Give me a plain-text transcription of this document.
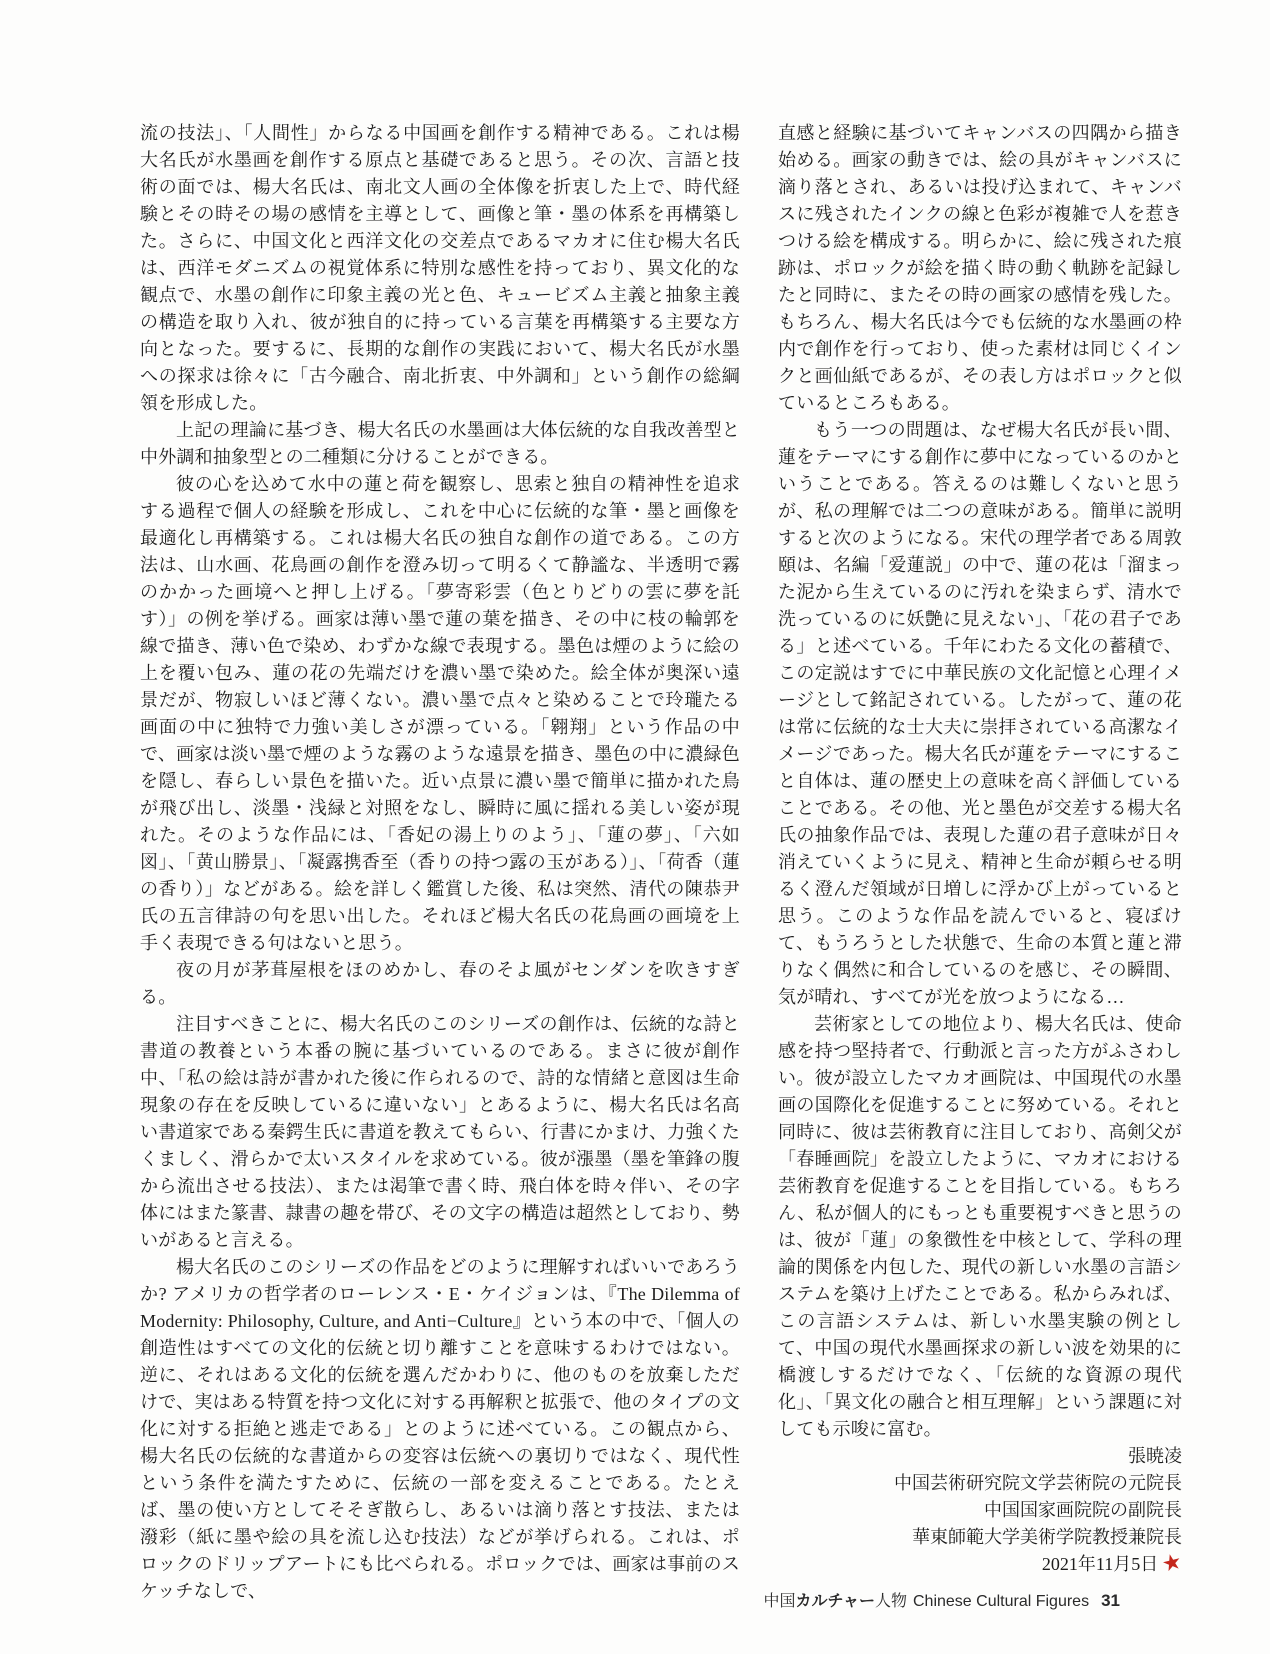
流の技法」、「人間性」からなる中国画を創作する精神である。これは楊大名氏が水墨画を創作する原点と基礎であると思う。その次、言語と技術の面では、楊大名氏は、南北文人画の全体像を折衷した上で、時代経験とその時その場の感情を主導として、画像と筆・墨の体系を再構築した。さらに、中国文化と西洋文化の交差点であるマカオに住む楊大名氏は、西洋モダニズムの視覚体系に特別な感性を持っており、異文化的な観点で、水墨の創作に印象主義の光と色、キュービズム主義と抽象主義の構造を取り入れ、彼が独自的に持っている言葉を再構築する主要な方向となった。要するに、長期的な創作の実践において、楊大名氏が水墨への探求は徐々に「古今融合、南北折衷、中外調和」という創作の総綱領を形成した。

上記の理論に基づき、楊大名氏の水墨画は大体伝統的な自我改善型と中外調和抽象型との二種類に分けることができる。

彼の心を込めて水中の蓮と荷を観察し、思索と独自の精神性を追求する過程で個人の経験を形成し、これを中心に伝統的な筆・墨と画像を最適化し再構築する。これは楊大名氏の独自な創作の道である。この方法は、山水画、花鳥画の創作を澄み切って明るくて静謐な、半透明で霧のかかった画境へと押し上げる。「夢寄彩雲（色とりどりの雲に夢を託す）」の例を挙げる。画家は薄い墨で蓮の葉を描き、その中に枝の輪郭を線で描き、薄い色で染め、わずかな線で表現する。墨色は煙のように絵の上を覆い包み、蓮の花の先端だけを濃い墨で染めた。絵全体が奥深い遠景だが、物寂しいほど薄くない。濃い墨で点々と染めることで玲瓏たる画面の中に独特で力強い美しさが漂っている。「翱翔」という作品の中で、画家は淡い墨で煙のような霧のような遠景を描き、墨色の中に濃緑色を隠し、春らしい景色を描いた。近い点景に濃い墨で簡単に描かれた鳥が飛び出し、淡墨・浅緑と対照をなし、瞬時に風に揺れる美しい姿が現れた。そのような作品には、「香妃の湯上りのよう」、「蓮の夢」、「六如図」、「黄山勝景」、「凝露携香至（香りの持つ露の玉がある）」、「荷香（蓮の香り）」などがある。絵を詳しく鑑賞した後、私は突然、清代の陳恭尹氏の五言律詩の句を思い出した。それほど楊大名氏の花鳥画の画境を上手く表現できる句はないと思う。

夜の月が茅葺屋根をほのめかし、春のそよ風がセンダンを吹きすぎる。

注目すべきことに、楊大名氏のこのシリーズの創作は、伝統的な詩と書道の教養という本番の腕に基づいているのである。まさに彼が創作中、「私の絵は詩が書かれた後に作られるので、詩的な情緒と意図は生命現象の存在を反映しているに違いない」とあるように、楊大名氏は名高い書道家である秦鍔生氏に書道を教えてもらい、行書にかまけ、力強くたくましく、滑らかで太いスタイルを求めている。彼が漲墨（墨を筆鋒の腹から流出させる技法）、または渇筆で書く時、飛白体を時々伴い、その字体にはまた篆書、隷書の趣を帯び、その文字の構造は超然としており、勢いがあると言える。

楊大名氏のこのシリーズの作品をどのように理解すればいいであろうか? アメリカの哲学者のローレンス・E・ケイジョンは、『The Dilemma of Modernity: Philosophy, Culture, and Anti−Culture』という本の中で、「個人の創造性はすべての文化的伝統と切り離すことを意味するわけではない。逆に、それはある文化的伝統を選んだかわりに、他のものを放棄しただけで、実はある特質を持つ文化に対する再解釈と拡張で、他のタイプの文化に対する拒絶と逃走である」とのように述べている。この観点から、楊大名氏の伝統的な書道からの変容は伝統への裏切りではなく、現代性という条件を満たすために、伝統の一部を変えることである。たとえば、墨の使い方としてそそぎ散らし、あるいは滴り落とす技法、または潑彩（紙に墨や絵の具を流し込む技法）などが挙げられる。これは、ポロックのドリップアートにも比べられる。ポロックでは、画家は事前のスケッチなしで、

直感と経験に基づいてキャンバスの四隅から描き始める。画家の動きでは、絵の具がキャンバスに滴り落とされ、あるいは投げ込まれて、キャンバスに残されたインクの線と色彩が複雑で人を惹きつける絵を構成する。明らかに、絵に残された痕跡は、ポロックが絵を描く時の動く軌跡を記録したと同時に、またその時の画家の感情を残した。もちろん、楊大名氏は今でも伝統的な水墨画の枠内で創作を行っており、使った素材は同じくインクと画仙紙であるが、その表し方はポロックと似ているところもある。

もう一つの問題は、なぜ楊大名氏が長い間、蓮をテーマにする創作に夢中になっているのかということである。答えるのは難しくないと思うが、私の理解では二つの意味がある。簡単に説明すると次のようになる。宋代の理学者である周敦頤は、名編「爱蓮説」の中で、蓮の花は「溜まった泥から生えているのに汚れを染まらず、清水で洗っているのに妖艶に見えない」、「花の君子である」と述べている。千年にわたる文化の蓄積で、この定説はすでに中華民族の文化記憶と心理イメージとして銘記されている。したがって、蓮の花は常に伝統的な士大夫に崇拝されている高潔なイメージであった。楊大名氏が蓮をテーマにすること自体は、蓮の歴史上の意味を高く評価していることである。その他、光と墨色が交差する楊大名氏の抽象作品では、表現した蓮の君子意味が日々消えていくように見え、精神と生命が頼らせる明るく澄んだ領域が日増しに浮かび上がっていると思う。このような作品を読んでいると、寝ぼけて、もうろうとした状態で、生命の本質と蓮と滞りなく偶然に和合しているのを感じ、その瞬間、気が晴れ、すべてが光を放つようになる…

芸術家としての地位より、楊大名氏は、使命感を持つ堅持者で、行動派と言った方がふさわしい。彼が設立したマカオ画院は、中国現代の水墨画の国際化を促進することに努めている。それと同時に、彼は芸術教育に注目しており、高剣父が「春睡画院」を設立したように、マカオにおける芸術教育を促進することを目指している。もちろん、私が個人的にもっとも重要視すべきと思うのは、彼が「蓮」の象徴性を中核として、学科の理論的関係を内包した、現代の新しい水墨の言語システムを築け上げたことである。私からみれば、この言語システムは、新しい水墨実験の例として、中国の現代水墨画探求の新しい波を効果的に橋渡しするだけでなく、「伝統的な資源の現代化」、「異文化の融合と相互理解」という課題に対しても示唆に富む。

張暁凌
中国芸術研究院文学芸術院の元院長
中国国家画院院の副院長
華東師範大学美術学院教授兼院長
2021年11月5日★
中国カルチャー人物 Chinese Cultural Figures 31
